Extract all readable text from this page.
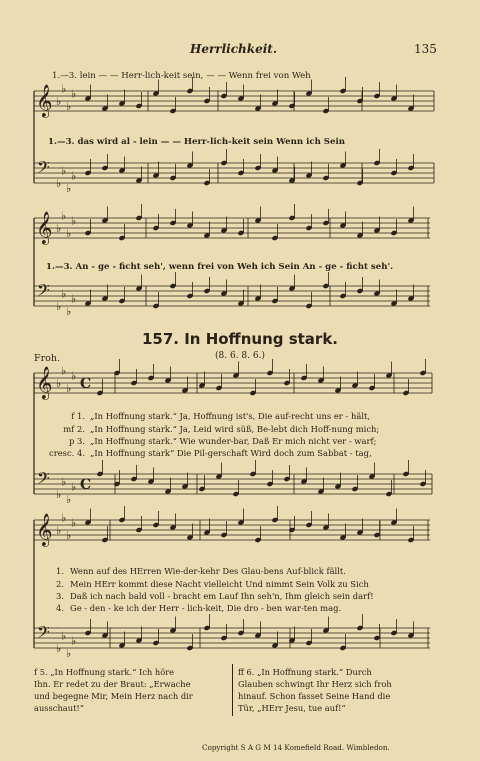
Herrlichkeit.	135
𝄞
𝄢
♭
♭
♭
♭
♭
♭
♭
♭
𝄞
𝄢
♭
♭
♭
♭
♭
♭
♭
♭
𝄞
𝄢
♭
♭
♭
♭
♭
♭
♭
♭
C
C
𝄞
𝄢
♭
♭
♭
♭
♭
♭
♭
♭
1.—3. lein — — Herr-lich-keit sein, — — Wenn frei von Weh
1.—3. das wird al - lein — — Herr-lich-keit sein Wenn ich Sein
1.—3. An - ge - ficht seh', wenn frei von Weh ich Sein An - ge - ficht seh'.
157. In Hoffnung stark.
(8. 6. 8. 6.)
Froh.
f 1. „In Hoffnung stark.“ Ja, Hoffnung ist's, Die auf-recht uns er - hält,
mf 2. „In Hoffnung stark.“ Ja, Leid wird süß, Be-lebt dich Hoff-nung mich;
p 3. „In Hoffnung stark.“ Wie wunder-bar, Daß Er mich nicht ver - warf;
cresc. 4. „In Hoffnung stark“ Die Pil-gerschaft Wird doch zum Sabbat - tag,
1. Wenn auf des HErren Wie-der-kehr Des Glau-bens Auf-blick fällt.
2. Mein HErr kommt diese Nacht vielleicht Und nimmt Sein Volk zu Sich
3. Daß ich nach bald voll - bracht em Lauf Ihn seh'n, Ihm gleich sein darf!
4. Ge - den - ke ich der Herr - lich-keit, Die dro - ben war-ten mag.
f 5. „In Hoffnung stark.“ Ich höre
Ihn. Er redet zu der Braut: „Erwache
und begegne Mir, Mein Herz nach dir
ausschaut!“
ff 6. „In Hoffnung stark.“ Durch
Glauben schwingt Ihr Herz sich froh
hinauf. Schon fasset Seine Hand die
Tür, „HErr Jesu, tue auf!“
Copyright S A G M 14 Komefield Road. Wimbledon.
